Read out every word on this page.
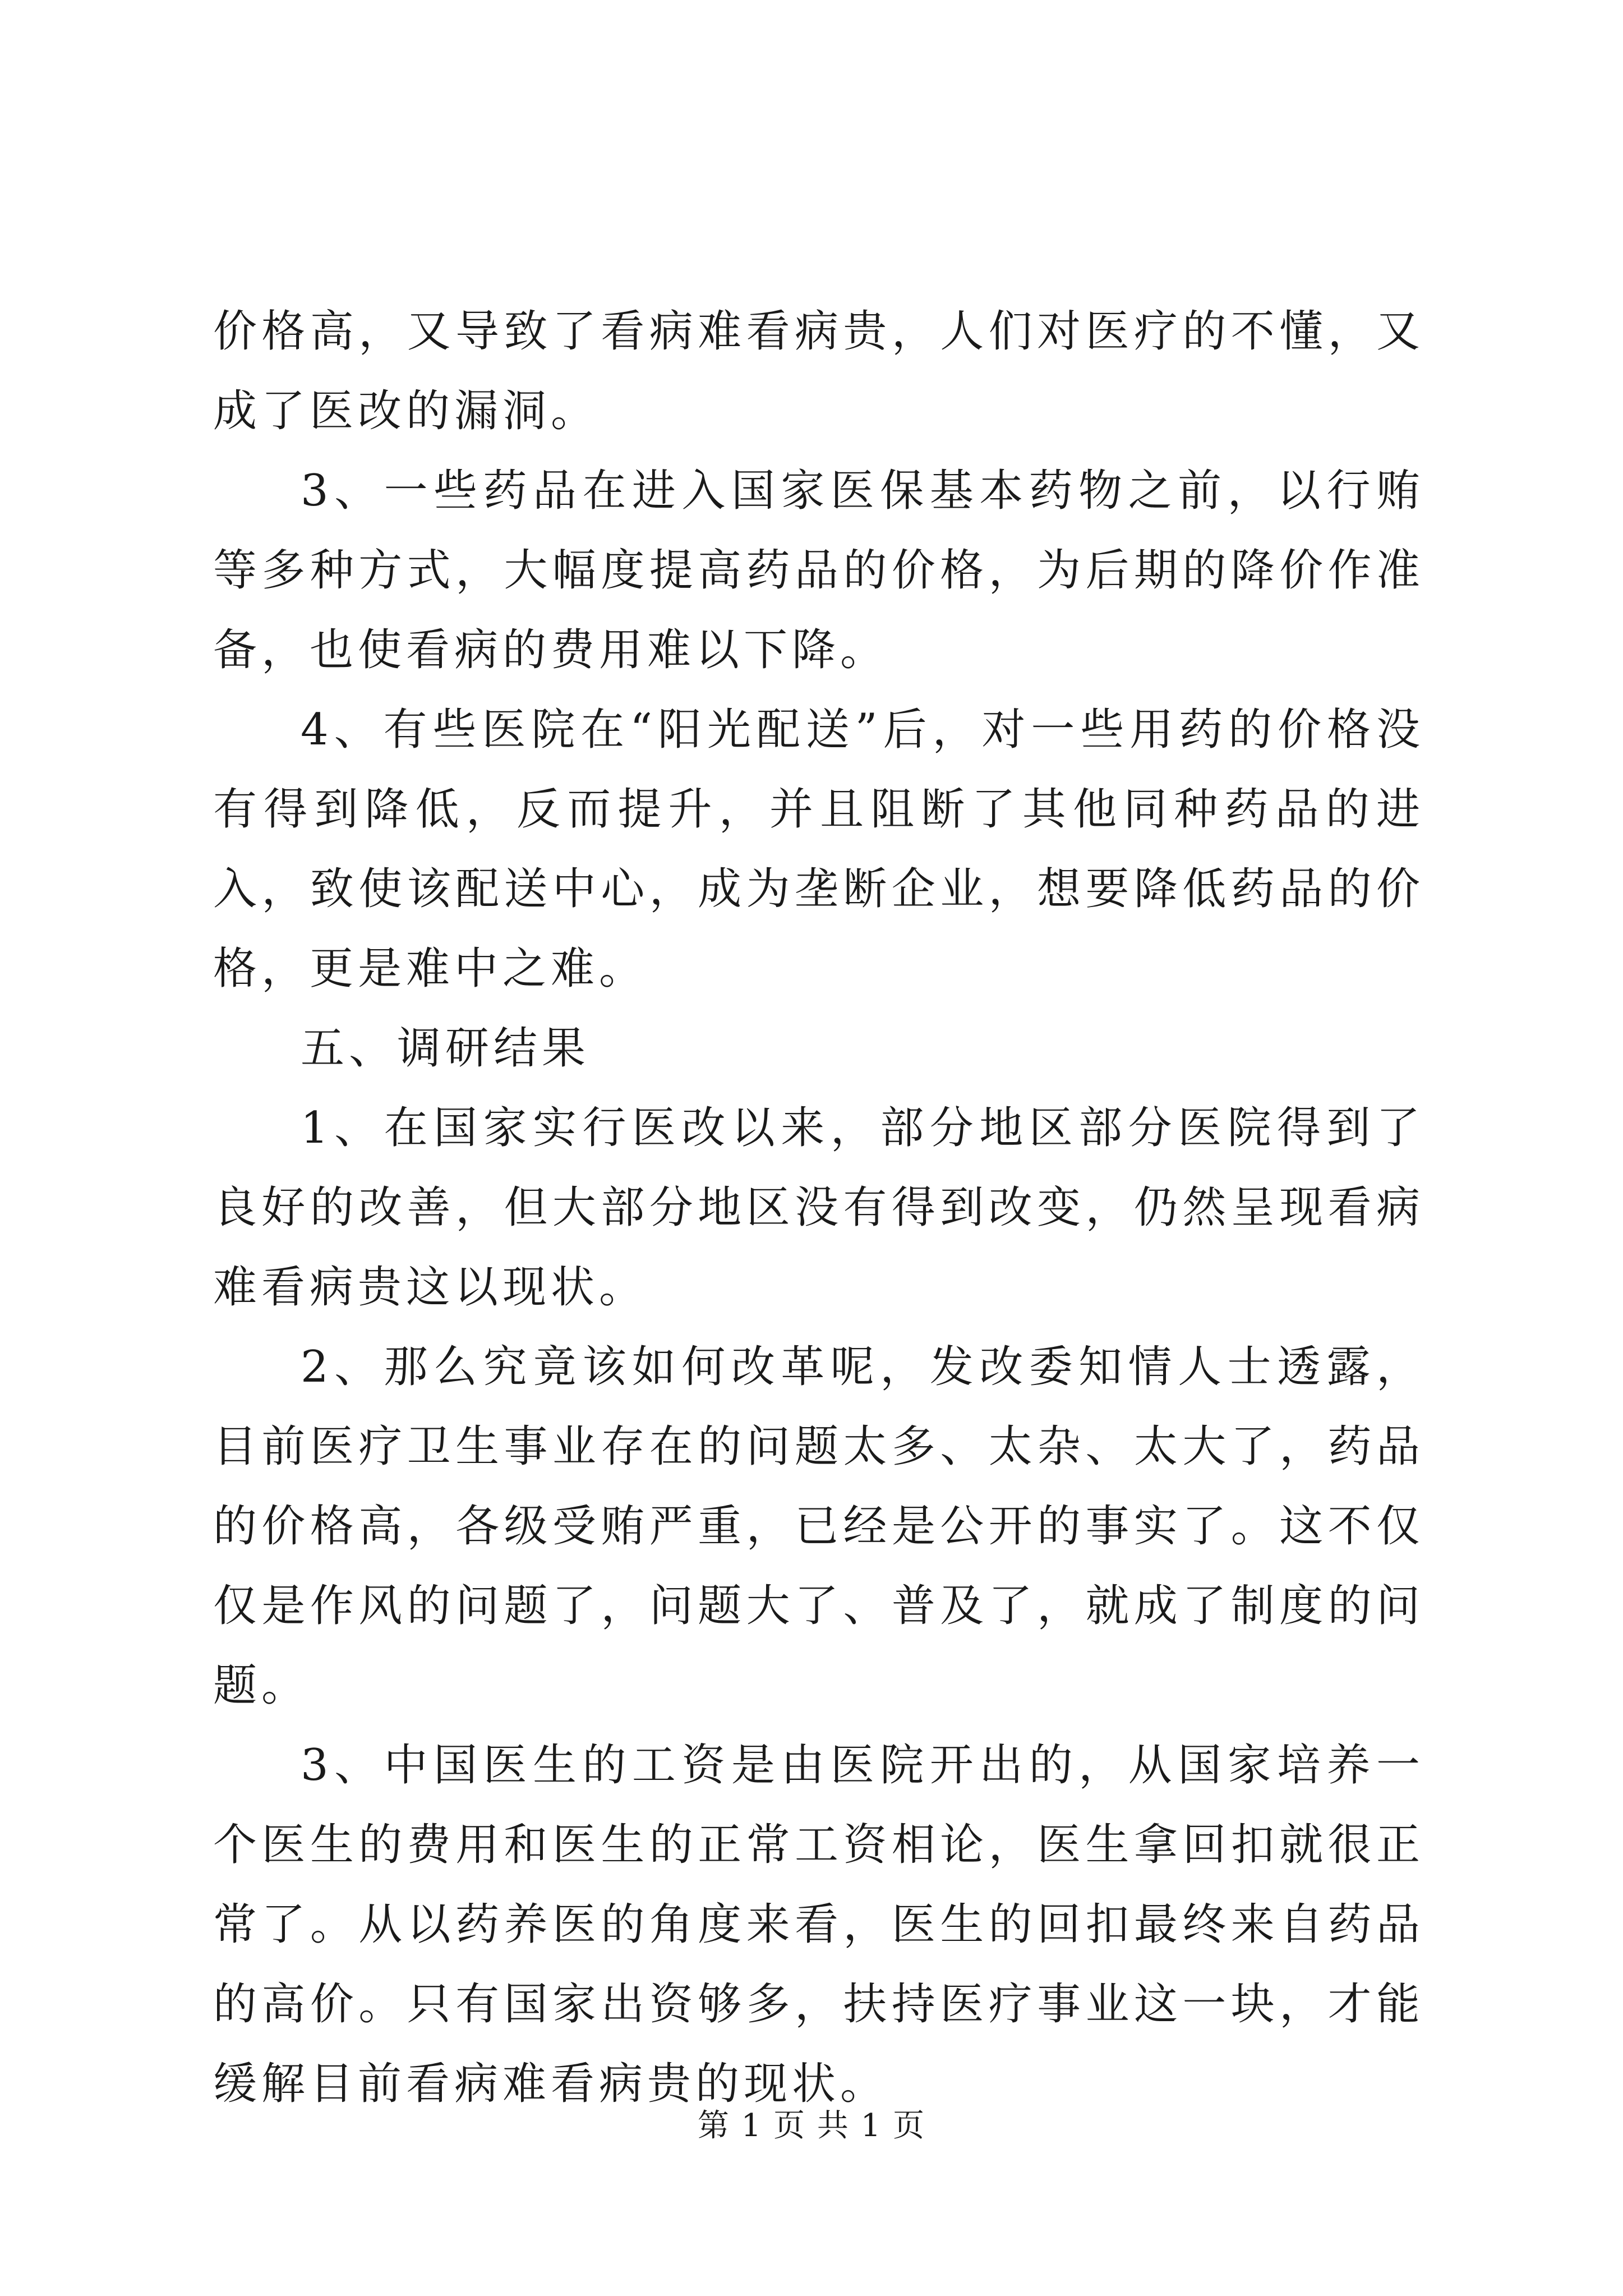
价格高，又导致了看病难看病贵，人们对医疗的不懂，又成了医改的漏洞。

3、一些药品在进入国家医保基本药物之前，以行贿等多种方式，大幅度提高药品的价格，为后期的降价作准备，也使看病的费用难以下降。

4、有些医院在“阳光配送”后，对一些用药的价格没有得到降低，反而提升，并且阻断了其他同种药品的进入，致使该配送中心，成为垄断企业，想要降低药品的价格，更是难中之难。

五、调研结果

1、在国家实行医改以来，部分地区部分医院得到了良好的改善，但大部分地区没有得到改变，仍然呈现看病难看病贵这以现状。

2、那么究竟该如何改革呢，发改委知情人士透露，目前医疗卫生事业存在的问题太多、太杂、太大了，药品的价格高，各级受贿严重，已经是公开的事实了。这不仅仅是作风的问题了，问题大了、普及了，就成了制度的问题。

3、中国医生的工资是由医院开出的，从国家培养一个医生的费用和医生的正常工资相论，医生拿回扣就很正常了。从以药养医的角度来看，医生的回扣最终来自药品的高价。只有国家出资够多，扶持医疗事业这一块，才能缓解目前看病难看病贵的现状。

第 1 页 共 1 页
